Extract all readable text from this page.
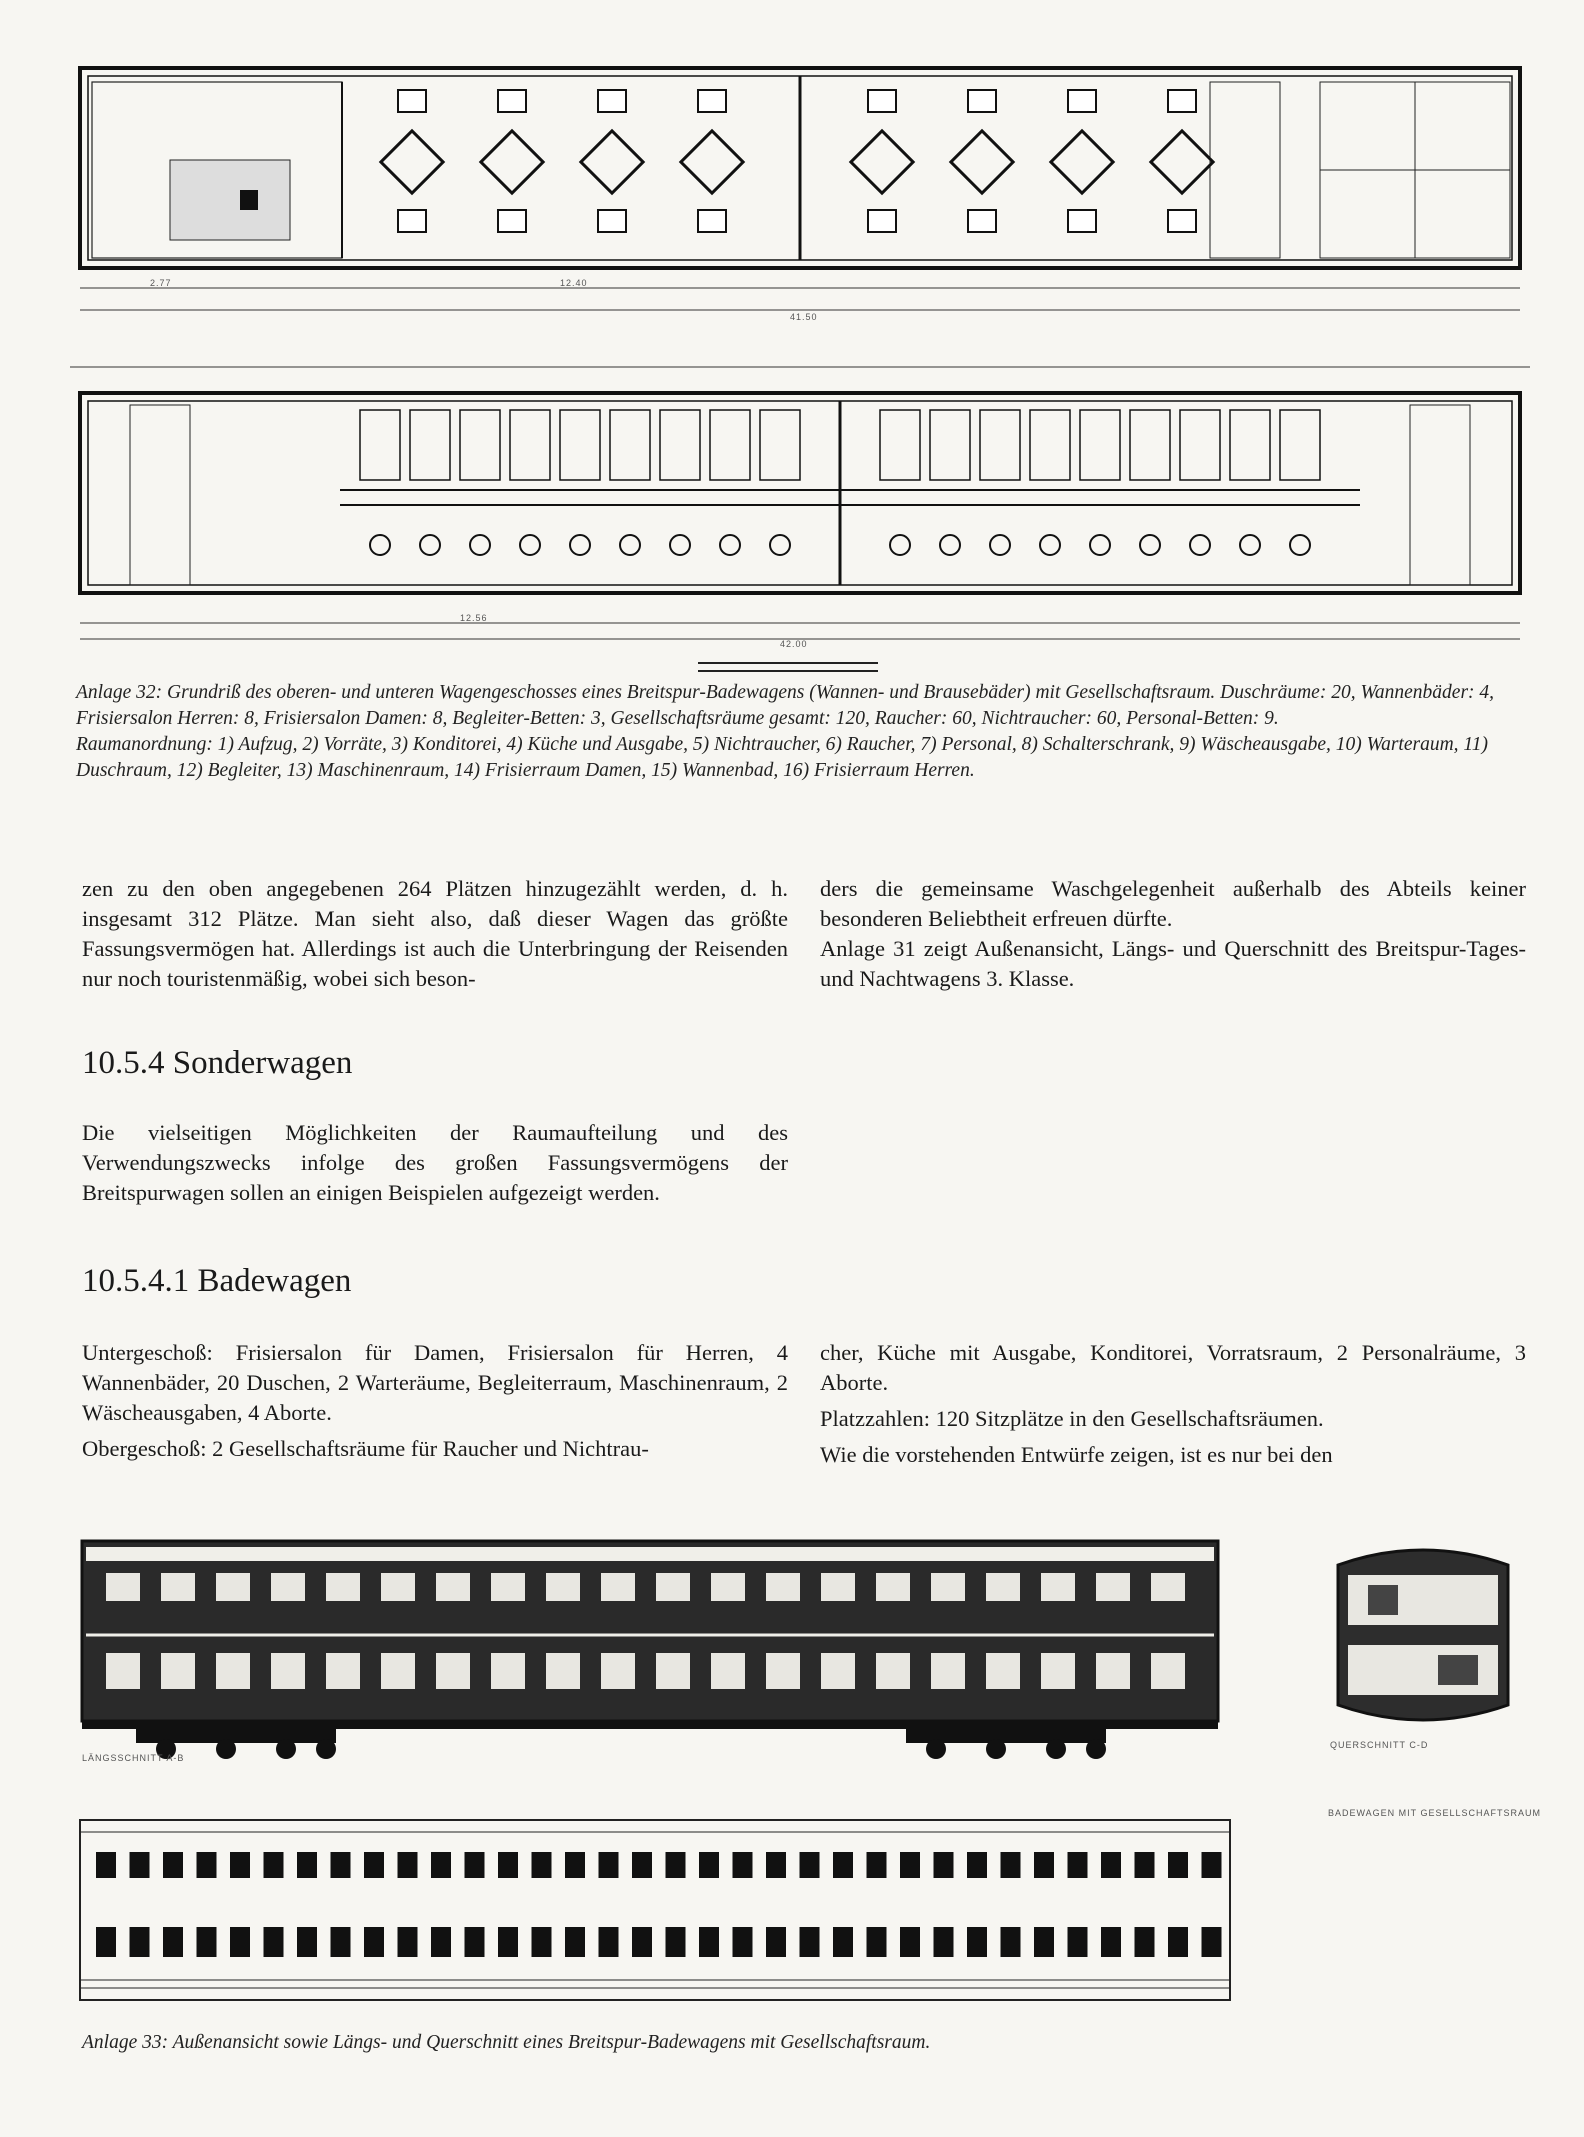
41.50
2.77	12.40
42.00
12.56
Anlage 32: Grundriß des oberen- und unteren Wagengeschosses eines Breitspur-Badewagens (Wannen- und Brausebäder) mit Gesellschaftsraum. Duschräume: 20, Wannenbäder: 4, Frisiersalon Herren: 8, Frisiersalon Damen: 8, Begleiter-Betten: 3, Gesellschaftsräume gesamt: 120, Raucher: 60, Nichtraucher: 60, Personal-Betten: 9.
Raumanordnung: 1) Aufzug, 2) Vorräte, 3) Konditorei, 4) Küche und Ausgabe, 5) Nichtraucher, 6) Raucher, 7) Personal, 8) Schalterschrank, 9) Wäscheausgabe, 10) Warteraum, 11) Duschraum, 12) Begleiter, 13) Maschinenraum, 14) Frisierraum Damen, 15) Wannenbad, 16) Frisierraum Herren.

zen zu den oben angegebenen 264 Plätzen hinzugezählt werden, d. h. insgesamt 312 Plätze. Man sieht also, daß dieser Wagen das größte Fassungsvermögen hat. Allerdings ist auch die Unterbringung der Reisenden nur noch touristenmäßig, wobei sich beson-

ders die gemeinsame Waschgelegenheit außerhalb des Abteils keiner besonderen Beliebtheit erfreuen dürfte.

Anlage 31 zeigt Außenansicht, Längs- und Querschnitt des Breitspur-Tages- und Nachtwagens 3. Klasse.

10.5.4 Sonderwagen

Die vielseitigen Möglichkeiten der Raumaufteilung und des Verwendungszwecks infolge des großen Fassungsvermögens der Breitspurwagen sollen an einigen Beispielen aufgezeigt werden.

10.5.4.1 Badewagen

Untergeschoß: Frisiersalon für Damen, Frisiersalon für Herren, 4 Wannenbäder, 20 Duschen, 2 Warteräume, Begleiterraum, Maschinenraum, 2 Wäscheausgaben, 4 Aborte.

Obergeschoß: 2 Gesellschaftsräume für Raucher und Nichtrau-

cher, Küche mit Ausgabe, Konditorei, Vorratsraum, 2 Personalräume, 3 Aborte.

Platzzahlen: 120 Sitzplätze in den Gesellschaftsräumen.

Wie die vorstehenden Entwürfe zeigen, ist es nur bei den

LÄNGSSCHNITT A-B
QUERSCHNITT C-D
BADEWAGEN MIT GESELLSCHAFTSRAUM
Anlage 33: Außenansicht sowie Längs- und Querschnitt eines Breitspur-Badewagens mit Gesellschaftsraum.
